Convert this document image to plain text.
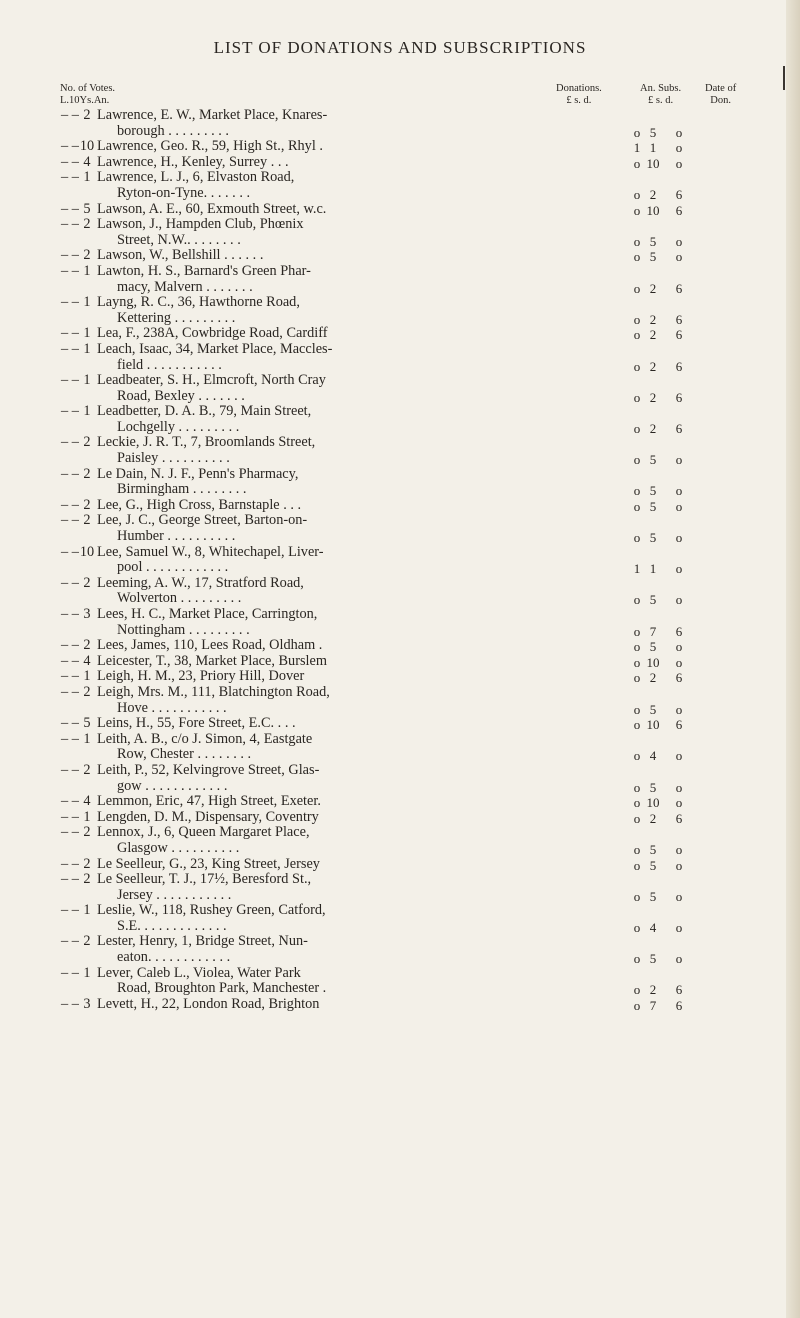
LIST OF DONATIONS AND SUBSCRIPTIONS
No. of Votes.
L.10Ys.An.
Donations.
£ s. d.
An. Subs.
£ s. d.
Date of
Don.
– – 2 Lawrence, E. W., Market Place, Knares-
borough . . . . . . . . .	o 5	o
– – 10 Lawrence, Geo. R., 59, High St., Rhyl .	1 1	o
– – 4 Lawrence, H., Kenley, Surrey . . .	o 10	o
– – 1 Lawrence, L. J., 6, Elvaston Road,
Ryton-on-Tyne. . . . . . .	o 2	6
– – 5 Lawson, A. E., 60, Exmouth Street, w.c.	o 10	6
– – 2 Lawson, J., Hampden Club, Phœnix
Street, N.W.. . . . . . . .	o 5	o
– – 2 Lawson, W., Bellshill . . . . . .	o 5	o
– – 1 Lawton, H. S., Barnard's Green Phar-
macy, Malvern . . . . . . .	o 2	6
– – 1 Layng, R. C., 36, Hawthorne Road,
Kettering . . . . . . . . .	o 2	6
– – 1 Lea, F., 238A, Cowbridge Road, Cardiff	o 2	6
– – 1 Leach, Isaac, 34, Market Place, Maccles-
field . . . . . . . . . . .	o 2	6
– – 1 Leadbeater, S. H., Elmcroft, North Cray
Road, Bexley . . . . . . .	o 2	6
– – 1 Leadbetter, D. A. B., 79, Main Street,
Lochgelly . . . . . . . . .	o 2	6
– – 2 Leckie, J. R. T., 7, Broomlands Street,
Paisley . . . . . . . . . .	o 5	o
– – 2 Le Dain, N. J. F., Penn's Pharmacy,
Birmingham . . . . . . . .	o 5	o
– – 2 Lee, G., High Cross, Barnstaple . . .	o 5	o
– – 2 Lee, J. C., George Street, Barton-on-
Humber . . . . . . . . . .	o 5	o
– – 10 Lee, Samuel W., 8, Whitechapel, Liver-
pool . . . . . . . . . . . .	1 1	o
– – 2 Leeming, A. W., 17, Stratford Road,
Wolverton . . . . . . . . .	o 5	o
– – 3 Lees, H. C., Market Place, Carrington,
Nottingham . . . . . . . . .	o 7	6
– – 2 Lees, James, 110, Lees Road, Oldham .	o 5	o
– – 4 Leicester, T., 38, Market Place, Burslem	o 10	o
– – 1 Leigh, H. M., 23, Priory Hill, Dover	o 2	6
– – 2 Leigh, Mrs. M., 111, Blatchington Road,
Hove . . . . . . . . . . .	o 5	o
– – 5 Leins, H., 55, Fore Street, E.C. . . .	o 10	6
– – 1 Leith, A. B., c/o J. Simon, 4, Eastgate
Row, Chester . . . . . . . .	o 4	o
– – 2 Leith, P., 52, Kelvingrove Street, Glas-
gow . . . . . . . . . . . .	o 5	o
– – 4 Lemmon, Eric, 47, High Street, Exeter.	o 10	o
– – 1 Lengden, D. M., Dispensary, Coventry	o 2	6
– – 2 Lennox, J., 6, Queen Margaret Place,
Glasgow . . . . . . . . . .	o 5	o
– – 2 Le Seelleur, G., 23, King Street, Jersey	o 5	o
– – 2 Le Seelleur, T. J., 17½, Beresford St.,
Jersey . . . . . . . . . . .	o 5	o
– – 1 Leslie, W., 118, Rushey Green, Catford,
S.E. . . . . . . . . . . . .	o 4	o
– – 2 Lester, Henry, 1, Bridge Street, Nun-
eaton. . . . . . . . . . . .	o 5	o
– – 1 Lever, Caleb L., Violea, Water Park
Road, Broughton Park, Manchester .	o 2	6
– – 3 Levett, H., 22, London Road, Brighton	o 7	6
